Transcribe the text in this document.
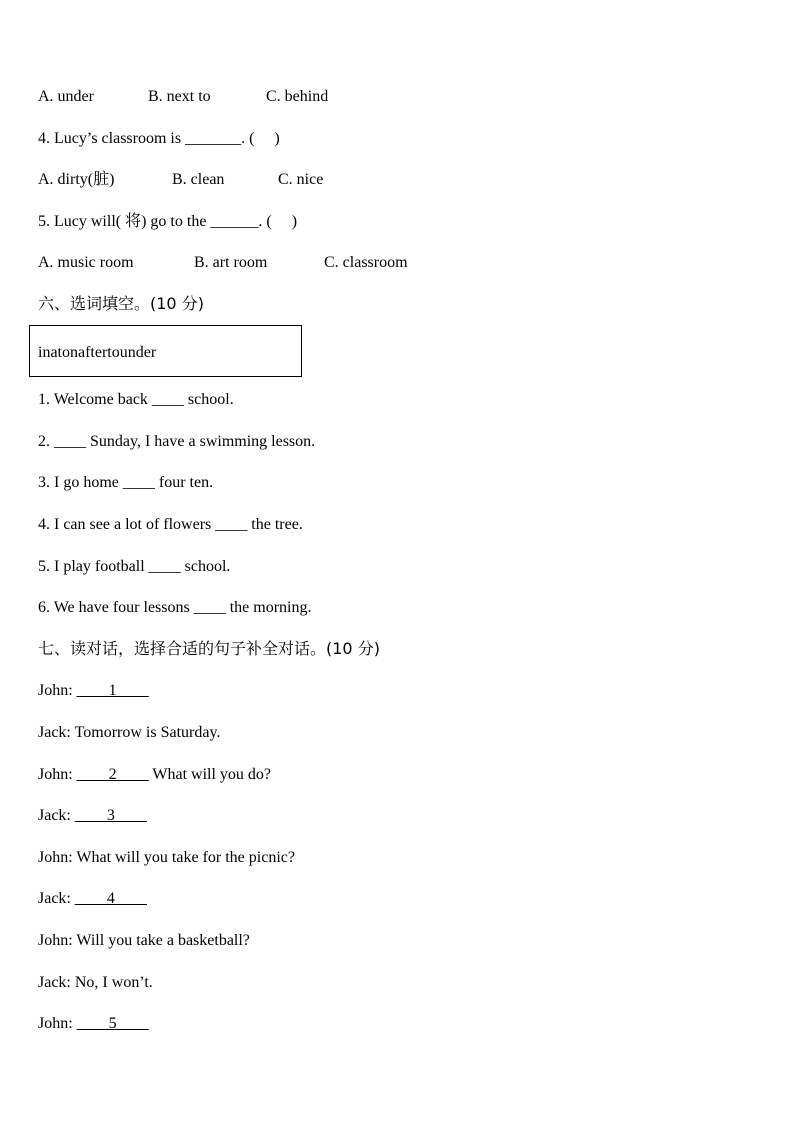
A. under

	B. next to

	C. behind

4. Lucy’s classroom is _______. (     )

A. dirty(脏)

	B. clean

	C. nice

5. Lucy will( 将) go to the ______. (     )

A. music room

	B. art room

	C. classroom

六、选词填空。(10 分)
inatonaftertounder
1. Welcome back ____ school.
2. ____ Sunday, I have a swimming lesson.
3. I go home ____ four ten.
4. I can see a lot of flowers ____ the tree.
5. I play football ____ school.
6. We have four lessons ____ the morning.
七、读对话，选择合适的句子补全对话。(10 分)
John: ____1____
Jack: Tomorrow is Saturday.
John: ____2____ What will you do?
Jack: ____3____
John: What will you take for the picnic?
Jack: ____4____
John: Will you take a basketball?
Jack: No, I won’t.
John: ____5____
